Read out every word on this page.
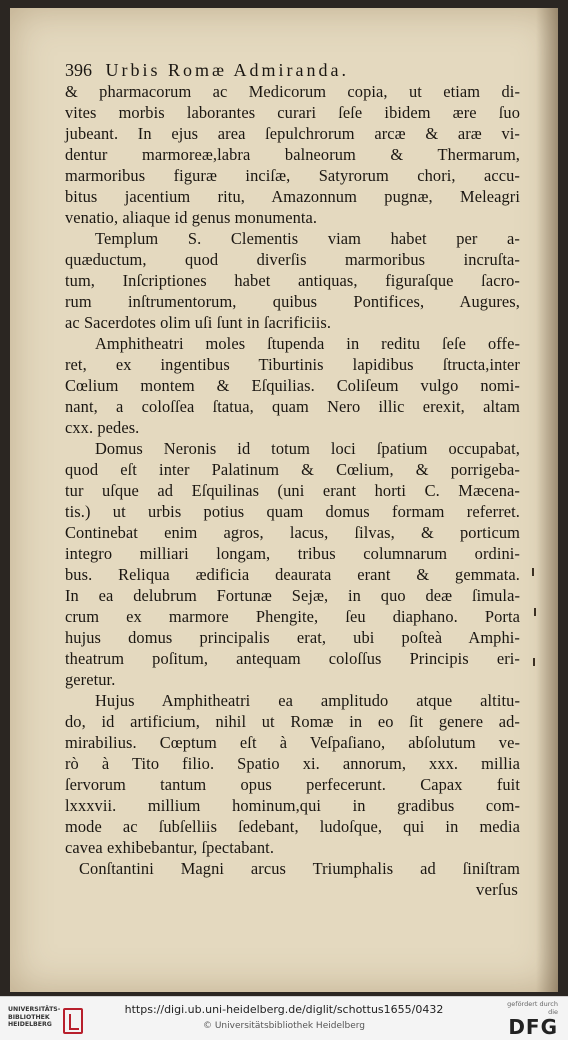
396 Urbis Romæ Admiranda.
& pharmacorum ac Medicorum copia, ut etiam di-
vites morbis laborantes curari ſeſe ibidem ære ſuo
jubeant. In ejus area ſepulchrorum arcæ & aræ vi-
dentur marmoreæ,labra balneorum & Thermarum,
marmoribus figuræ inciſæ, Satyrorum chori, accu-
bitus jacentium ritu, Amazonnum pugnæ, Meleagri
venatio, aliaque id genus monumenta.
Templum S. Clementis viam habet per a-
quæductum, quod diverſis marmoribus incruſta-
tum, Inſcriptiones habet antiquas, figuraſque ſacro-
rum inſtrumentorum, quibus Pontifices, Augures,
ac Sacerdotes olim uſi ſunt in ſacrificiis.
Amphitheatri moles ſtupenda in reditu ſeſe offe-
ret, ex ingentibus Tiburtinis lapidibus ſtructa,inter
Cœlium montem & Eſquilias. Coliſeum vulgo nomi-
nant, a coloſſea ſtatua, quam Nero illic erexit, altam
cxx. pedes.
Domus Neronis id totum loci ſpatium occupabat,
quod eſt inter Palatinum & Cœlium, & porrigeba-
tur uſque ad Eſquilinas (uni erant horti C. Mæcena-
tis.) ut urbis potius quam domus formam referret.
Continebat enim agros, lacus, ſilvas, & porticum
integro milliari longam, tribus columnarum ordini-
bus. Reliqua ædificia deaurata erant & gemmata.
In ea delubrum Fortunæ Sejæ, in quo deæ ſimula-
crum ex marmore Phengite, ſeu diaphano. Porta
hujus domus principalis erat, ubi poſteà Amphi-
theatrum poſitum, antequam coloſſus Principis eri-
geretur.
Hujus Amphitheatri ea amplitudo atque altitu-
do, id artificium, nihil ut Romæ in eo ſit genere ad-
mirabilius. Cœptum eſt à Veſpaſiano, abſolutum ve-
rò à Tito filio. Spatio xi. annorum, xxx. millia
ſervorum tantum opus perfecerunt. Capax fuit
lxxxvii. millium hominum,qui in gradibus com-
mode ac ſubſelliis ſedebant, ludoſque, qui in media
cavea exhibebantur, ſpectabant.
Conſtantini Magni arcus Triumphalis ad ſiniſtram
verſus
UNIVERSITÄTS-
BIBLIOTHEK
HEIDELBERG
https://digi.ub.uni-heidelberg.de/diglit/schottus1655/0432
© Universitätsbibliothek Heidelberg
gefördert durch die
DFG
